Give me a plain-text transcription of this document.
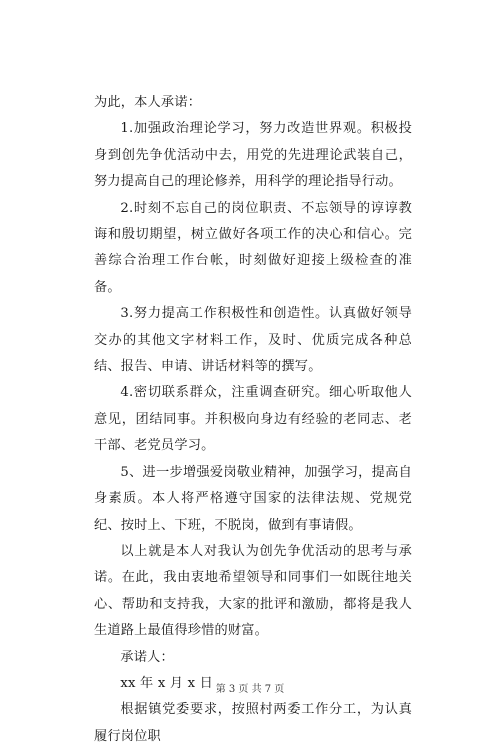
为此，本人承诺：

1.加强政治理论学习，努力改造世界观。积极投身到创先争优活动中去，用党的先进理论武装自己，努力提高自己的理论修养，用科学的理论指导行动。

2.时刻不忘自己的岗位职责、不忘领导的谆谆教诲和殷切期望，树立做好各项工作的决心和信心。完善综合治理工作台帐，时刻做好迎接上级检查的准备。

3.努力提高工作积极性和创造性。认真做好领导交办的其他文字材料工作，及时、优质完成各种总结、报告、申请、讲话材料等的撰写。

4.密切联系群众，注重调查研究。细心听取他人意见，团结同事。并积极向身边有经验的老同志、老干部、老党员学习。

5、进一步增强爱岗敬业精神，加强学习，提高自身素质。本人将严格遵守国家的法律法规、党规党纪、按时上、下班，不脱岗，做到有事请假。

以上就是本人对我认为创先争优活动的思考与承诺。在此，我由衷地希望领导和同事们一如既往地关心、帮助和支持我，大家的批评和激励，都将是我人生道路上最值得珍惜的财富。

承诺人：

xx 年 x 月 x 日

根据镇党委要求，按照村两委工作分工，为认真履行岗位职

第 3 页 共 7 页
